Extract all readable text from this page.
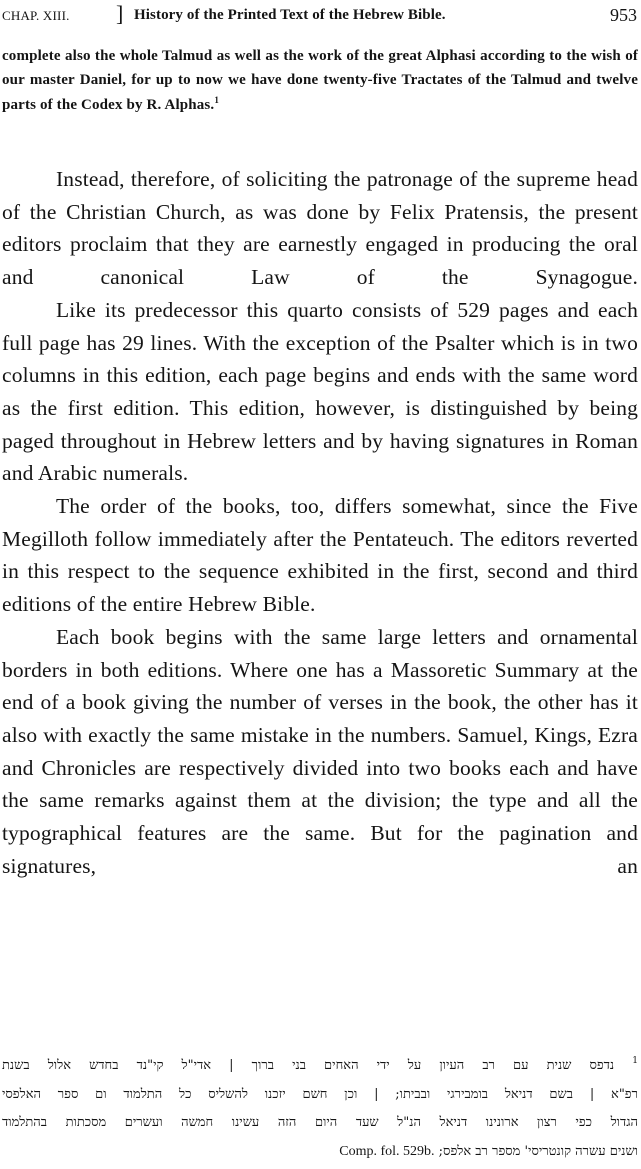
CHAP. XIII. ] History of the Printed Text of the Hebrew Bible.	953

complete also the whole Talmud as well as the work of the great Alphasi according to the wish of our master Daniel, for up to now we have done twenty-five Tractates of the Talmud and twelve parts of the Codex by R. Alphas.$^1$

Instead, therefore, of soliciting the patronage of the supreme head of the Christian Church, as was done by Felix Pratensis, the present editors proclaim that they are earnestly engaged in producing the oral and canonical Law of the Synagogue.

Like its predecessor this quarto consists of 529 pages and each full page has 29 lines. With the exception of the Psalter which is in two columns in this edition, each page begins and ends with the same word as the first edition. This edition, however, is distinguished by being paged throughout in Hebrew letters and by having signatures in Roman and Arabic numerals.

The order of the books, too, differs somewhat, since the Five Megilloth follow immediately after the Pentateuch. The editors reverted in this respect to the sequence exhibited in the first, second and third editions of the entire Hebrew Bible.

Each book begins with the same large letters and ornamental borders in both editions. Where one has a Massoretic Summary at the end of a book giving the number of verses in the book, the other has it also with exactly the same mistake in the numbers. Samuel, Kings, Ezra and Chronicles are respectively divided into two books each and have the same remarks against them at the division; the type and all the typographical features are the same. But for the pagination and signatures, an

$^1$ נדפס שנית עם רב העיון על ידי האחים בני ברוך | אדי"ל קי"נד בחדש אלול בשנת
רפ"א | בשם דניאל בומבירגי ובביתו; | וכן חשם יזכנו להשליס כל התלמוד ום ספר האלפסי
הגדול כפי רצון ארונינו דניאל הנ"ל שעד היום הזה עשינו חמשה ועשרים מסכתות בהתלמוד
ושנים עשרה קונטריסי' מספר רב אלפס; Comp. fol. 529b.
